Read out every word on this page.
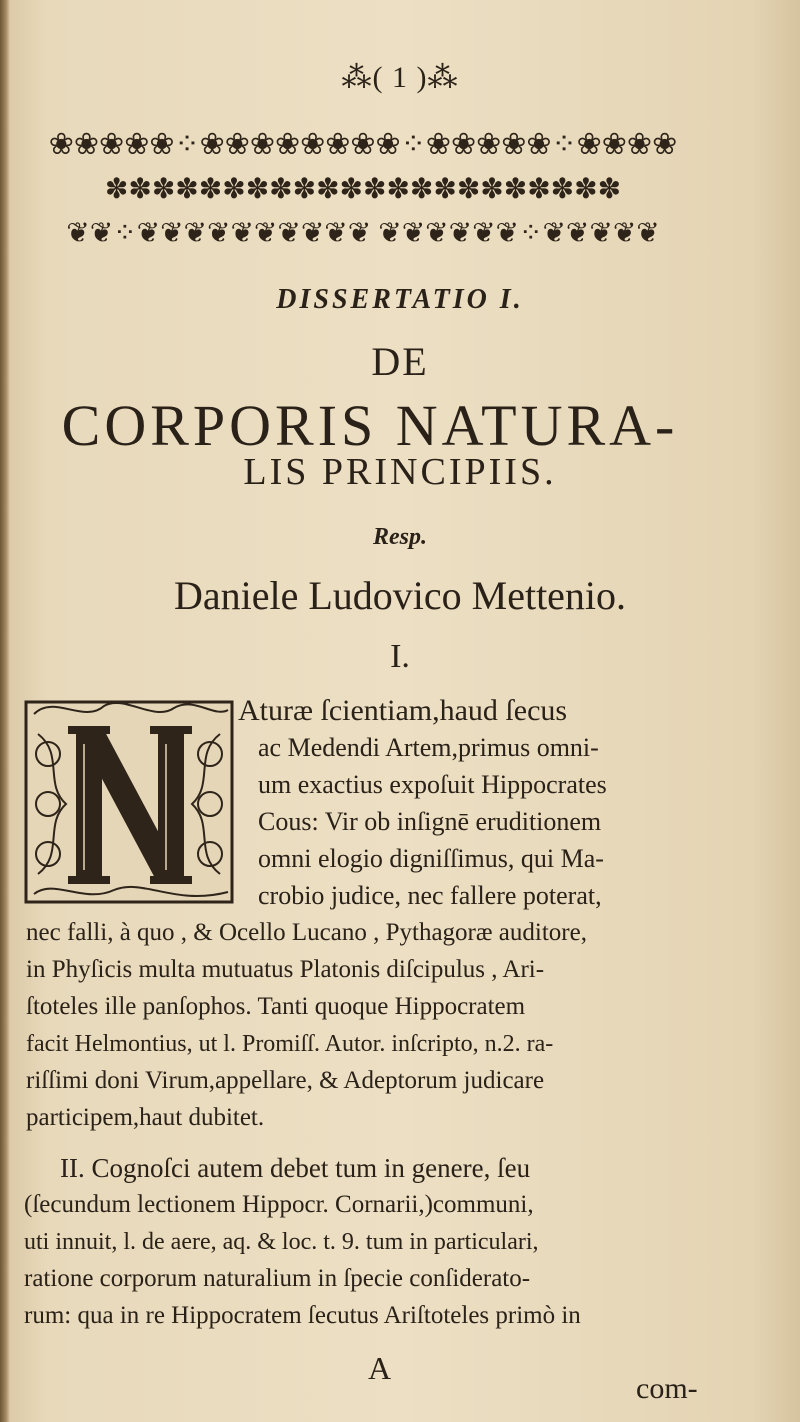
⁂( 1 )⁂
❀❀❀❀❀⁘❀❀❀❀❀❀❀❀⁘❀❀❀❀❀⁘❀❀❀❀
✽✽✽✽✽✽✽✽✽✽✽✽✽✽✽✽✽✽✽✽✽✽
❦❦⁘❦❦❦❦❦❦❦❦❦❦ ❦❦❦❦❦❦⁘❦❦❦❦❦
DISSERTATIO I.
DE
CORPORIS NATURA-
LIS PRINCIPIIS.
Resp.
Daniele Ludovico Mettenio.
I.
Aturæ ſcientiam,haud ſecus
ac Medendi Artem,primus omni-
um exactius expoſuit Hippocrates
Cous: Vir ob inſignē eruditionem
omni elogio digniſſimus, qui Ma-
crobio judice, nec fallere poterat,
nec falli, à quo , & Ocello Lucano , Pythagoræ auditore,
in Phyſicis multa mutuatus Platonis diſcipulus , Ari-
ſtoteles ille panſophos. Tanti quoque Hippocratem
facit Helmontius, ut l. Promiſſ. Autor. inſcripto, n.2. ra-
riſſimi doni Virum,appellare, & Adeptorum judicare
participem,haut dubitet.
II. Cognoſci autem debet tum in genere, ſeu
(ſecundum lectionem Hippocr. Cornarii,)communi,
uti innuit, l. de aere, aq. & loc. t. 9. tum in particulari,
ratione corporum naturalium in ſpecie conſiderato-
rum: qua in re Hippocratem ſecutus Ariſtoteles primò in
A
com-
